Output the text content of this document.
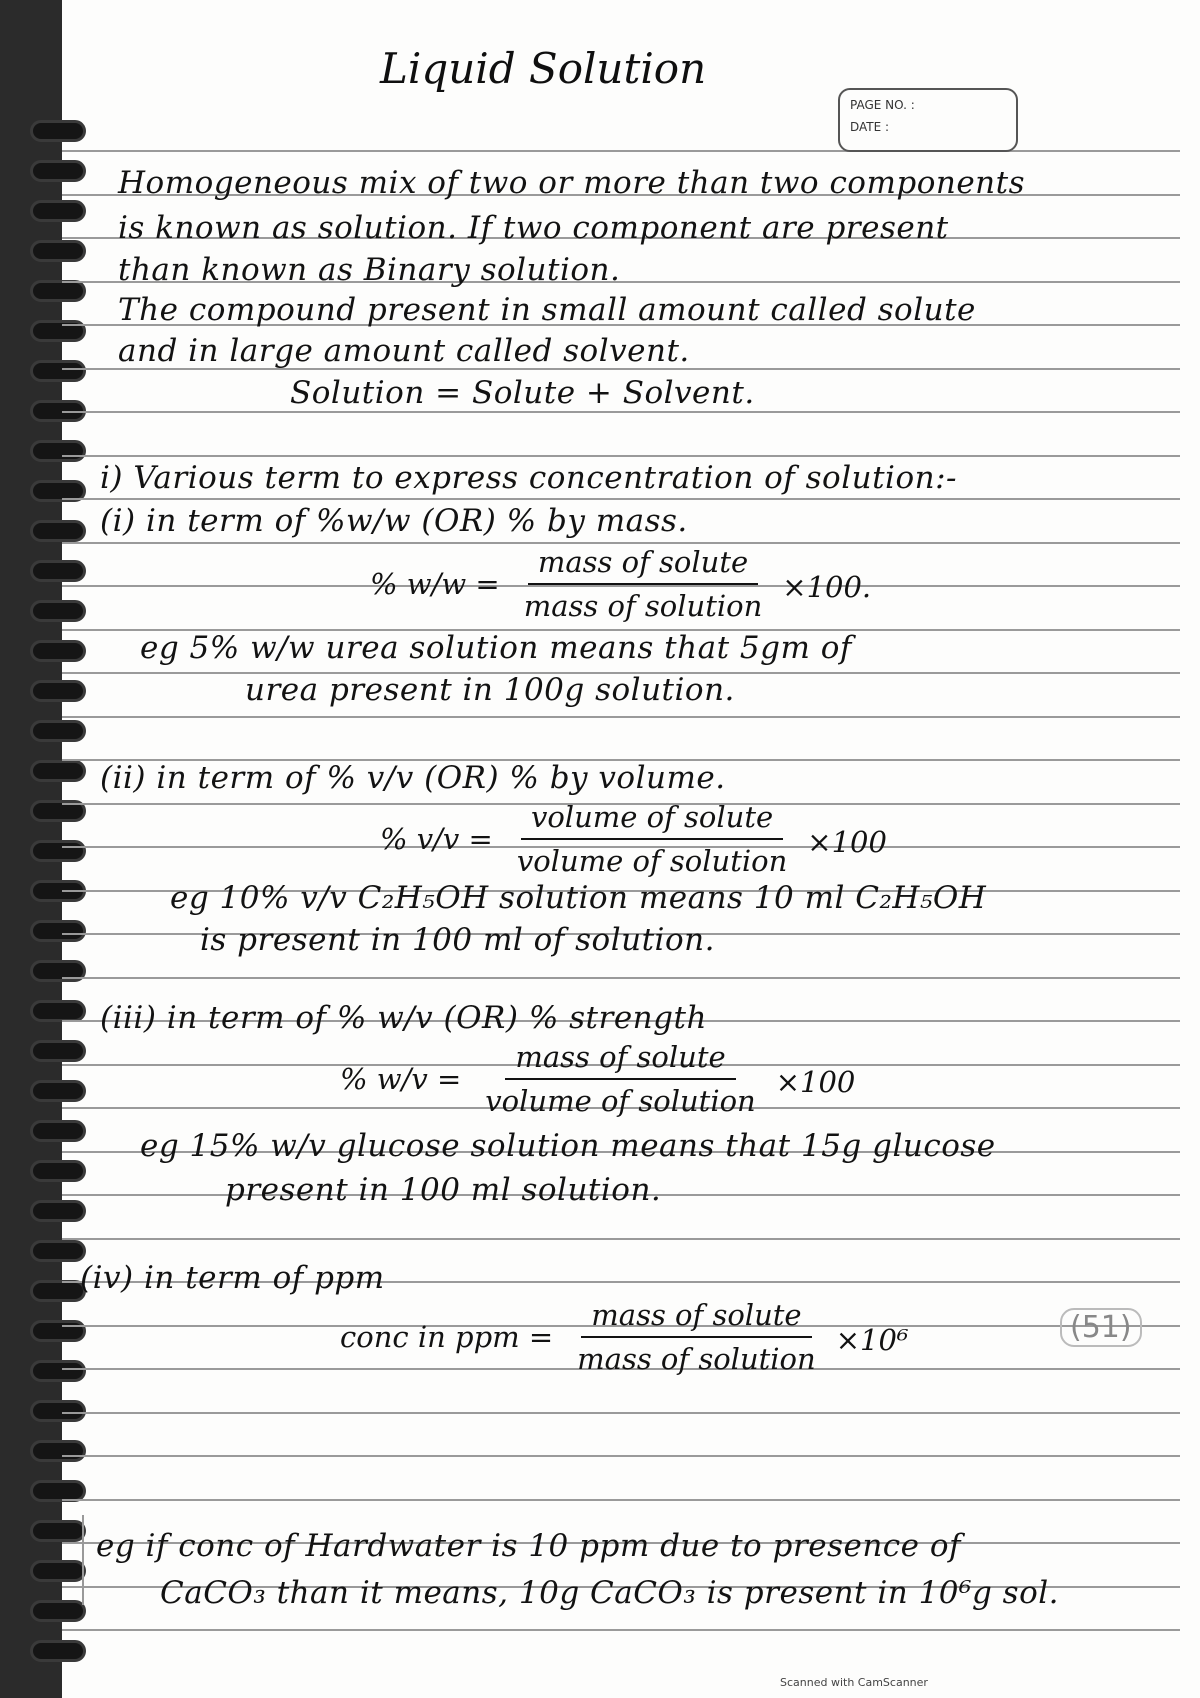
Liquid Solution
PAGE NO. :
DATE :
Homogeneous mix of two or more than two components
is known as solution. If two component are present
than known as Binary solution.
The compound present in small amount called solute
and in large amount called solvent.
Solution = Solute + Solvent.
i) Various term to express concentration of solution:-
(i) in term of %w/w (OR) % by mass.
% $w/w = \frac{\text{mass of solute}}{\text{mass of solution}} \times 100$.
eg 5% w/w urea solution means that 5gm of
urea present in 100g solution.
(ii) in term of % v/v (OR) % by volume.
% $v/v = \frac{\text{volume of solute}}{\text{volume of solution}} \times 100$
eg 10% v/v C₂H₅OH solution means 10 ml C₂H₅OH
is present in 100 ml of solution.
(iii) in term of % w/v (OR) % strength
% $w/v = \frac{\text{mass of solute}}{\text{volume of solution}} \times 100$
eg 15% w/v glucose solution means that 15g glucose
present in 100 ml solution.
(51)
(iv) in term of ppm
conc in ppm = $\frac{\text{mass of solute}}{\text{mass of solution}} \times 10^6$
eg if conc of Hardwater is 10 ppm due to presence of
CaCO₃ than it means, 10g CaCO₃ is present in 10⁶g sol.
Scanned with CamScanner
